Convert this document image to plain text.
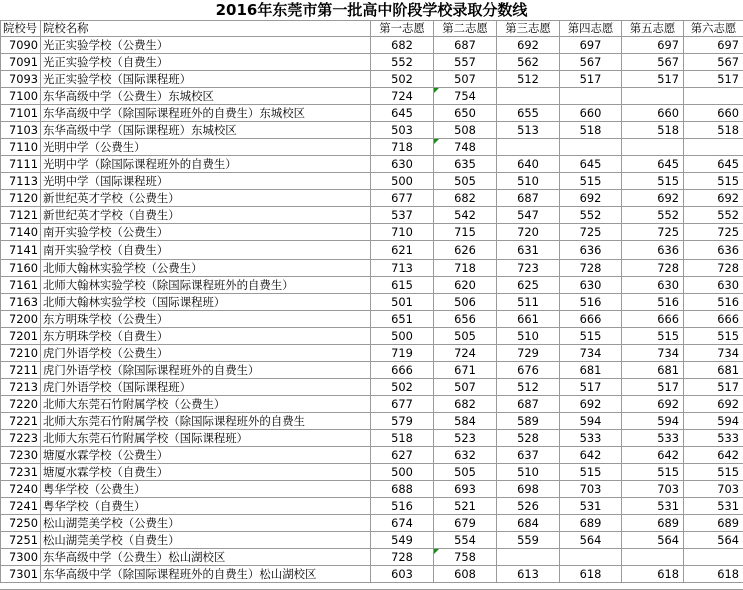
2016年东莞市第一批高中阶段学校录取分数线
院校号	院校名称	第一志愿	第二志愿	第三志愿	第四志愿	第五志愿	第六志愿
7090	光正实验学校（公费生）	682	687	692	697	697	697
7091	光正实验学校（自费生）	552	557	562	567	567	567
7093	光正实验学校（国际课程班）	502	507	512	517	517	517
7100	东华高级中学（公费生）东城校区	724	754				
7101	东华高级中学（除国际课程班外的自费生）东城校区	645	650	655	660	660	660
7103	东华高级中学（国际课程班）东城校区	503	508	513	518	518	518
7110	光明中学（公费生）	718	748				
7111	光明中学（除国际课程班外的自费生）	630	635	640	645	645	645
7113	光明中学（国际课程班）	500	505	510	515	515	515
7120	新世纪英才学校（公费生）	677	682	687	692	692	692
7121	新世纪英才学校（自费生）	537	542	547	552	552	552
7140	南开实验学校（公费生）	710	715	720	725	725	725
7141	南开实验学校（自费生）	621	626	631	636	636	636
7160	北师大翰林实验学校（公费生）	713	718	723	728	728	728
7161	北师大翰林实验学校（除国际课程班外的自费生）	615	620	625	630	630	630
7163	北师大翰林实验学校（国际课程班）	501	506	511	516	516	516
7200	东方明珠学校（公费生）	651	656	661	666	666	666
7201	东方明珠学校（自费生）	500	505	510	515	515	515
7210	虎门外语学校（公费生）	719	724	729	734	734	734
7211	虎门外语学校（除国际课程班外的自费生）	666	671	676	681	681	681
7213	虎门外语学校（国际课程班）	502	507	512	517	517	517
7220	北师大东莞石竹附属学校（公费生）	677	682	687	692	692	692
7221	北师大东莞石竹附属学校（除国际课程班外的自费生	579	584	589	594	594	594
7223	北师大东莞石竹附属学校（国际课程班）	518	523	528	533	533	533
7230	塘厦水霖学校（公费生）	627	632	637	642	642	642
7231	塘厦水霖学校（自费生）	500	505	510	515	515	515
7240	粤华学校（公费生）	688	693	698	703	703	703
7241	粤华学校（自费生）	516	521	526	531	531	531
7250	松山湖莞美学校（公费生）	674	679	684	689	689	689
7251	松山湖莞美学校（自费生）	549	554	559	564	564	564
7300	东华高级中学（公费生）松山湖校区	728	758				
7301	东华高级中学（除国际课程班外的自费生）松山湖校区	603	608	613	618	618	618
